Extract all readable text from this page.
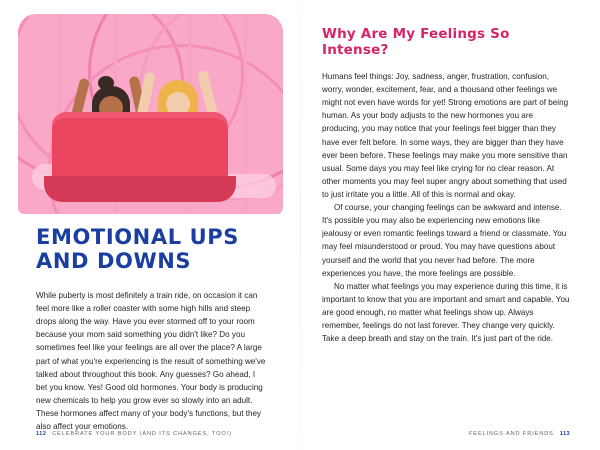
EMOTIONAL UPS AND DOWNS

While puberty is most definitely a train ride, on occasion it can feel more like a roller coaster with some high hills and steep drops along the way. Have you ever stormed off to your room because your mom said something you didn't like? Do you sometimes feel like your feelings are all over the place? A large part of what you're experiencing is the result of something we've talked about throughout this book. Any guesses? Go ahead, I bet you know. Yes! Good old hormones. Your body is producing new chemicals to help you grow ever so slowly into an adult. These hormones affect many of your body's functions, but they also affect your emotions.

112 CELEBRATE YOUR BODY (AND ITS CHANGES, TOO!)
Why Are My Feelings So Intense?

Humans feel things: Joy, sadness, anger, frustration, confusion, worry, wonder, excitement, fear, and a thousand other feelings we might not even have words for yet! Strong emotions are part of being human. As your body adjusts to the new hormones you are producing, you may notice that your feelings feel bigger than they have ever felt before. In some ways, they are bigger than they have ever been before. These feelings may make you more sensitive than usual. Some days you may feel like crying for no clear reason. At other moments you may feel super angry about something that used to just irritate you a little. All of this is normal and okay.

Of course, your changing feelings can be awkward and intense. It's possible you may also be experiencing new emotions like jealousy or even romantic feelings toward a friend or classmate. You may feel misunderstood or proud. You may have questions about yourself and the world that you never had before. The more experiences you have, the more feelings are possible.

No matter what feelings you may experience during this time, it is important to know that you are important and smart and capable. You are good enough, no matter what feelings show up. Always remember, feelings do not last forever. They change very quickly. Take a deep breath and stay on the train. It's just part of the ride.

FEELINGS AND FRIENDS 113
